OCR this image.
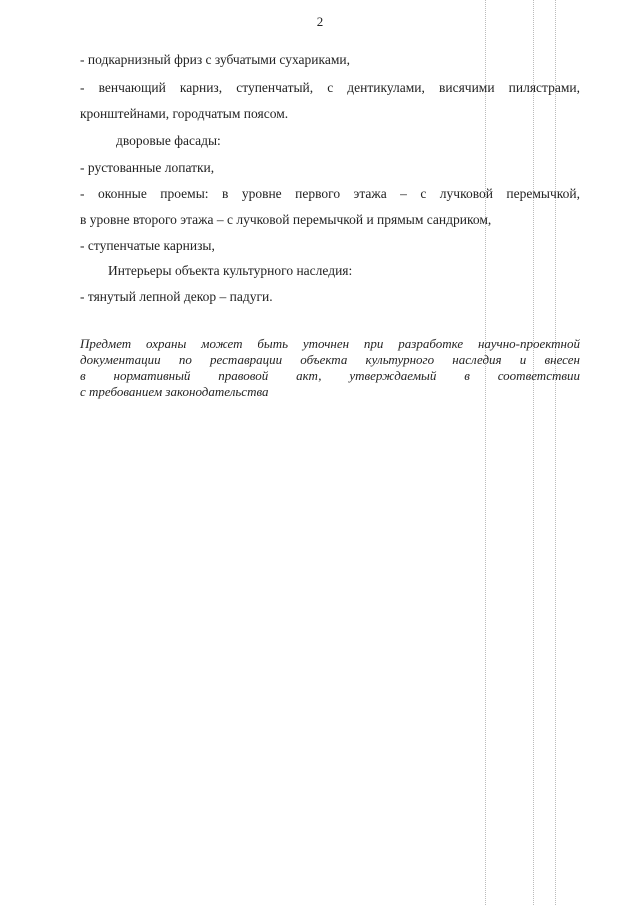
2
- подкарнизный фриз с зубчатыми сухариками,
- венчающий карниз, ступенчатый, с дентикулами, висячими пилястрами,
кронштейнами, городчатым поясом.
дворовые фасады:
- рустованные лопатки,
- оконные проемы: в уровне первого этажа – с лучковой перемычкой,
в уровне второго этажа – с лучковой перемычкой и прямым сандриком,
- ступенчатые карнизы,
Интерьеры объекта культурного наследия:
- тянутый лепной декор – падуги.
Предмет охраны может быть уточнен при разработке научно-проектной
документации по реставрации объекта культурного наследия и внесен
в нормативный правовой акт, утверждаемый в соответствии
с требованием законодательства
